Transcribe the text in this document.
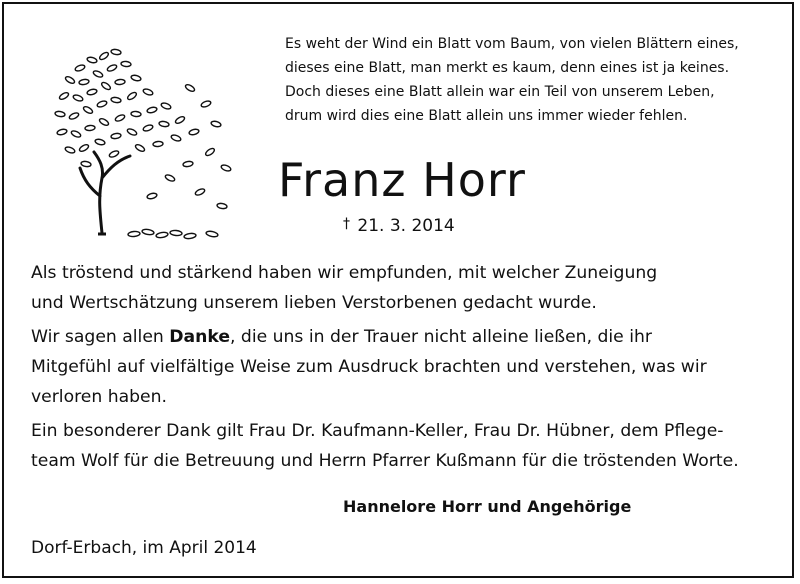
Es weht der Wind ein Blatt vom Baum, von vielen Blättern eines,
dieses eine Blatt, man merkt es kaum, denn eines ist ja keines.
Doch dieses eine Blatt allein war ein Teil von unserem Leben,
drum wird dies eine Blatt allein uns immer wieder fehlen.
Franz Horr
† 21. 3. 2014
Als tröstend und stärkend haben wir empfunden, mit welcher Zuneigung
und Wertschätzung unserem lieben Verstorbenen gedacht wurde.
Wir sagen allen Danke, die uns in der Trauer nicht alleine ließen, die ihr
Mitgefühl auf vielfältige Weise zum Ausdruck brachten und verstehen, was wir
verloren haben.
Ein besonderer Dank gilt Frau Dr. Kaufmann-Keller, Frau Dr. Hübner, dem Pflege-
team Wolf für die Betreuung und Herrn Pfarrer Kußmann für die tröstenden Worte.
Hannelore Horr und Angehörige
Dorf-Erbach, im April 2014
